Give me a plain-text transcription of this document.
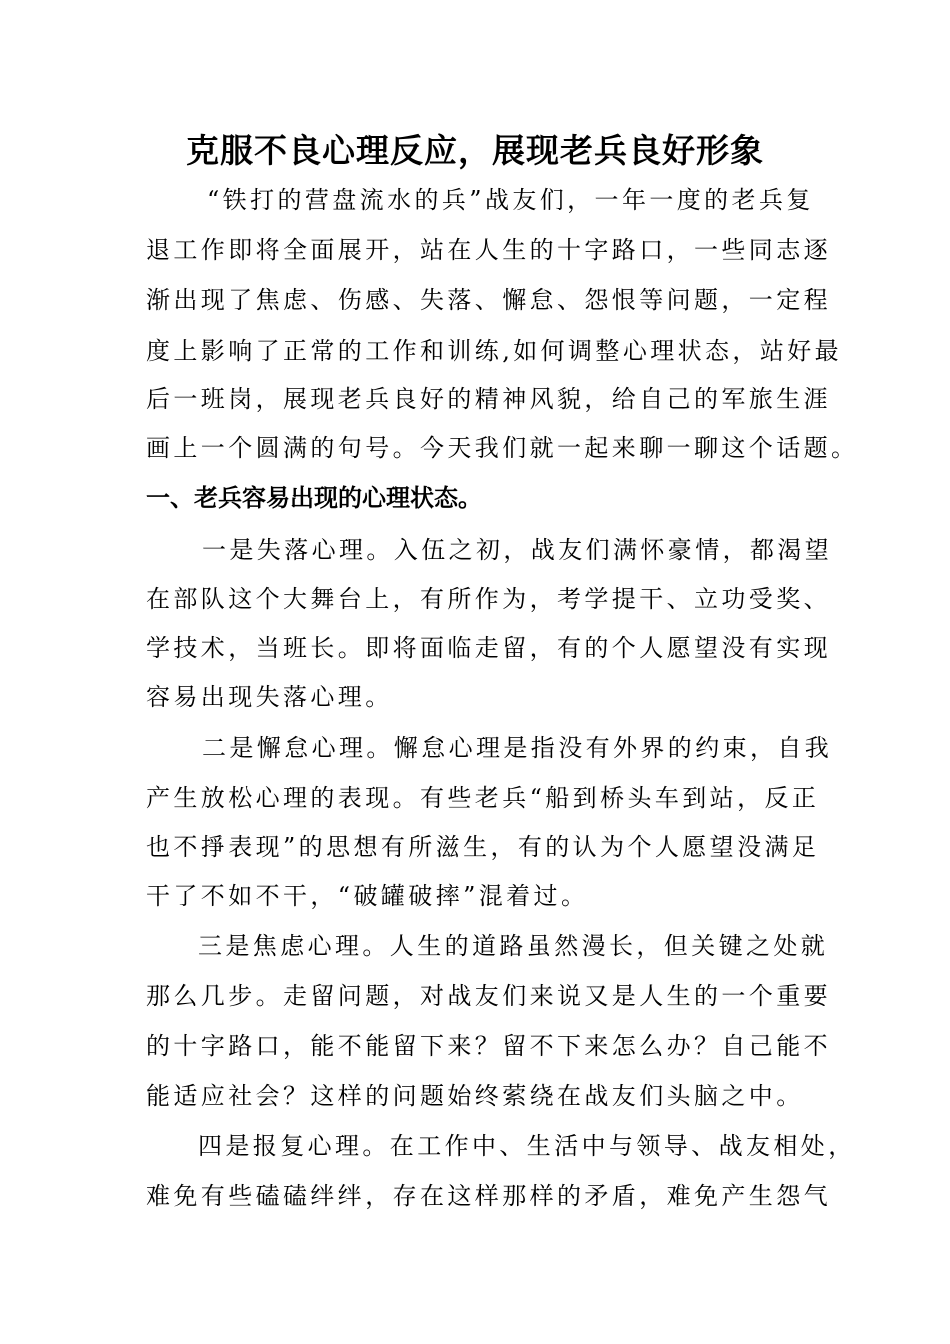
克服不良心理反应，展现老兵良好形象
“铁打的营盘流水的兵”战友们，一年一度的老兵复
退工作即将全面展开，站在人生的十字路口，一些同志逐
渐出现了焦虑、伤感、失落、懈怠、怨恨等问题，一定程
度上影响了正常的工作和训练,如何调整心理状态，站好最
后一班岗，展现老兵良好的精神风貌，给自己的军旅生涯
画上一个圆满的句号。今天我们就一起来聊一聊这个话题。
一、老兵容易出现的心理状态。
一是失落心理。入伍之初，战友们满怀豪情，都渴望
在部队这个大舞台上，有所作为，考学提干、立功受奖、
学技术，当班长。即将面临走留，有的个人愿望没有实现
容易出现失落心理。
二是懈怠心理。懈怠心理是指没有外界的约束，自我
产生放松心理的表现。有些老兵“船到桥头车到站，反正
也不掙表现”的思想有所滋生，有的认为个人愿望没满足
干了不如不干，“破罐破摔”混着过。
三是焦虑心理。人生的道路虽然漫长，但关键之处就
那么几步。走留问题，对战友们来说又是人生的一个重要
的十字路口，能不能留下来？留不下来怎么办？自己能不
能适应社会？这样的问题始终萦绕在战友们头脑之中。
四是报复心理。在工作中、生活中与领导、战友相处，
难免有些磕磕绊绊，存在这样那样的矛盾，难免产生怨气
